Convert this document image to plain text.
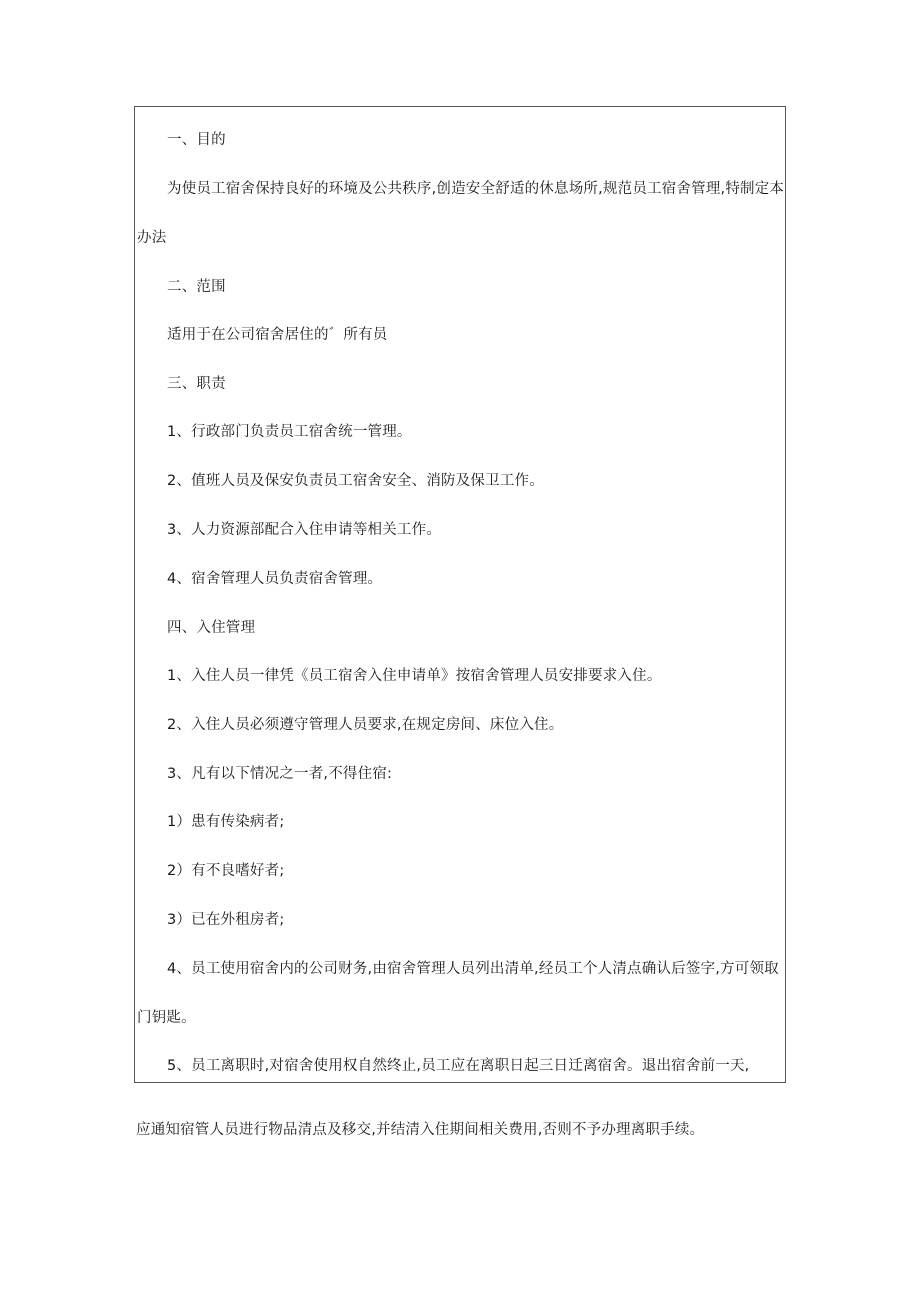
一、目的
为使员工宿舍保持良好的环境及公共秩序,创造安全舒适的休息场所,规范员工宿舍管理,特制定本
办法
二、范围
适用于在公司宿舍居住的゛所有员
三、职责
1、行政部门负责员工宿舍统一管理。
2、值班人员及保安负责员工宿舍安全、消防及保卫工作。
3、人力资源部配合入住申请等相关工作。
4、宿舍管理人员负责宿舍管理。
四、入住管理
1、入住人员一律凭《员工宿舍入住申请单》按宿舍管理人员安排要求入住。
2、入住人员必须遵守管理人员要求,在规定房间、床位入住。
3、凡有以下情况之一者,不得住宿:
1）患有传染病者;
2）有不良嗜好者;
3）已在外租房者;
4、员工使用宿舍内的公司财务,由宿舍管理人员列出清单,经员工个人清点确认后签字,方可领取
门钥匙。
5、员工离职时,对宿舍使用权自然终止,员工应在离职日起三日迁离宿舍。退出宿舍前一天,
应通知宿管人员进行物品清点及移交,并结清入住期间相关费用,否则不予办理离职手续。
